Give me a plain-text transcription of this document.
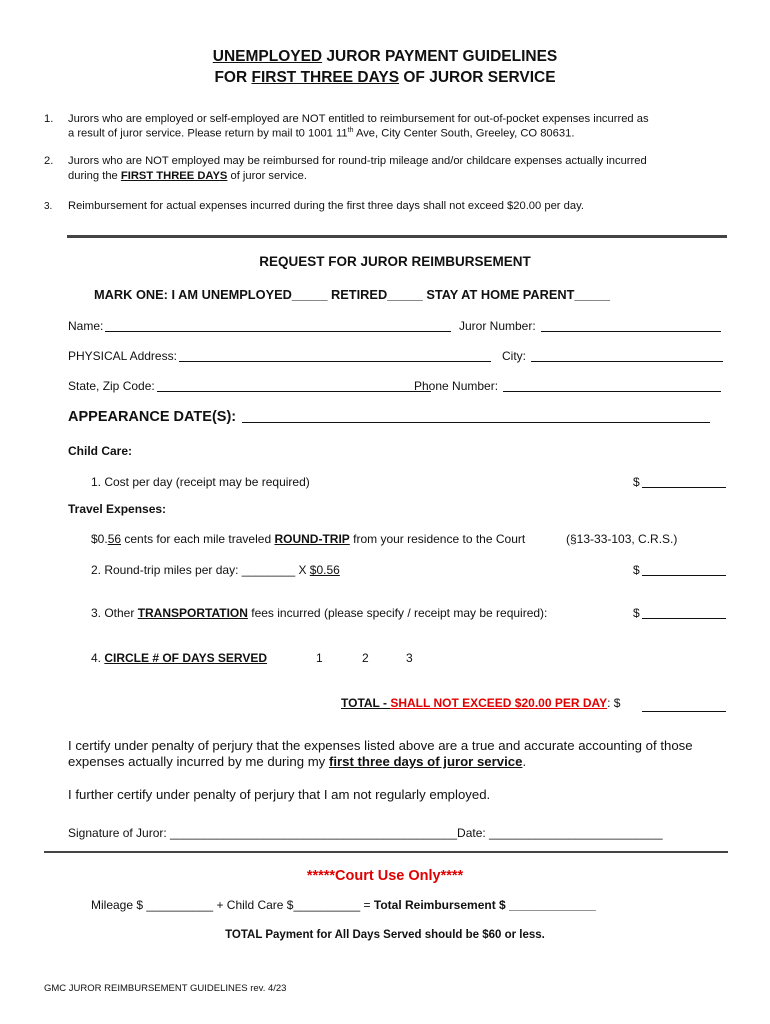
UNEMPLOYED JUROR PAYMENT GUIDELINES
FOR FIRST THREE DAYS OF JUROR SERVICE
1. Jurors who are employed or self-employed are NOT entitled to reimbursement for out-of-pocket expenses incurred as
a result of juror service. Please return by mail t0 1001 11th Ave, City Center South, Greeley, CO 80631.
2. Jurors who are NOT employed may be reimbursed for round-trip mileage and/or childcare expenses actually incurred
during the FIRST THREE DAYS of juror service.
3. Reimbursement for actual expenses incurred during the first three days shall not exceed $20.00 per day.
REQUEST FOR JUROR REIMBURSEMENT
MARK ONE: I AM UNEMPLOYED_____ RETIRED_____ STAY AT HOME PARENT_____
Name:	Juror Number:
PHYSICAL Address:	City:
State, Zip Code:	Phone Number:
APPEARANCE DATE(S):
Child Care:
1. Cost per day (receipt may be required)	$
Travel Expenses:
$0.56 cents for each mile traveled ROUND-TRIP from your residence to the Court	(§13-33-103, C.R.S.)
2. Round-trip miles per day: ________ X $0.56	$
3. Other TRANSPORTATION fees incurred (please specify / receipt may be required):	$
4. CIRCLE # OF DAYS SERVED	1	2	3
TOTAL - SHALL NOT EXCEED $20.00 PER DAY: $
I certify under penalty of perjury that the expenses listed above are a true and accurate accounting of those
expenses actually incurred by me during my first three days of juror service.
I further certify under penalty of perjury that I am not regularly employed.
Signature of Juror: ___________________________________________Date: __________________________
*****Court Use Only****
Mileage $ __________ + Child Care $__________ = Total Reimbursement $ _____________
TOTAL Payment for All Days Served should be $60 or less.
GMC JUROR REIMBURSEMENT GUIDELINES rev. 4/23
